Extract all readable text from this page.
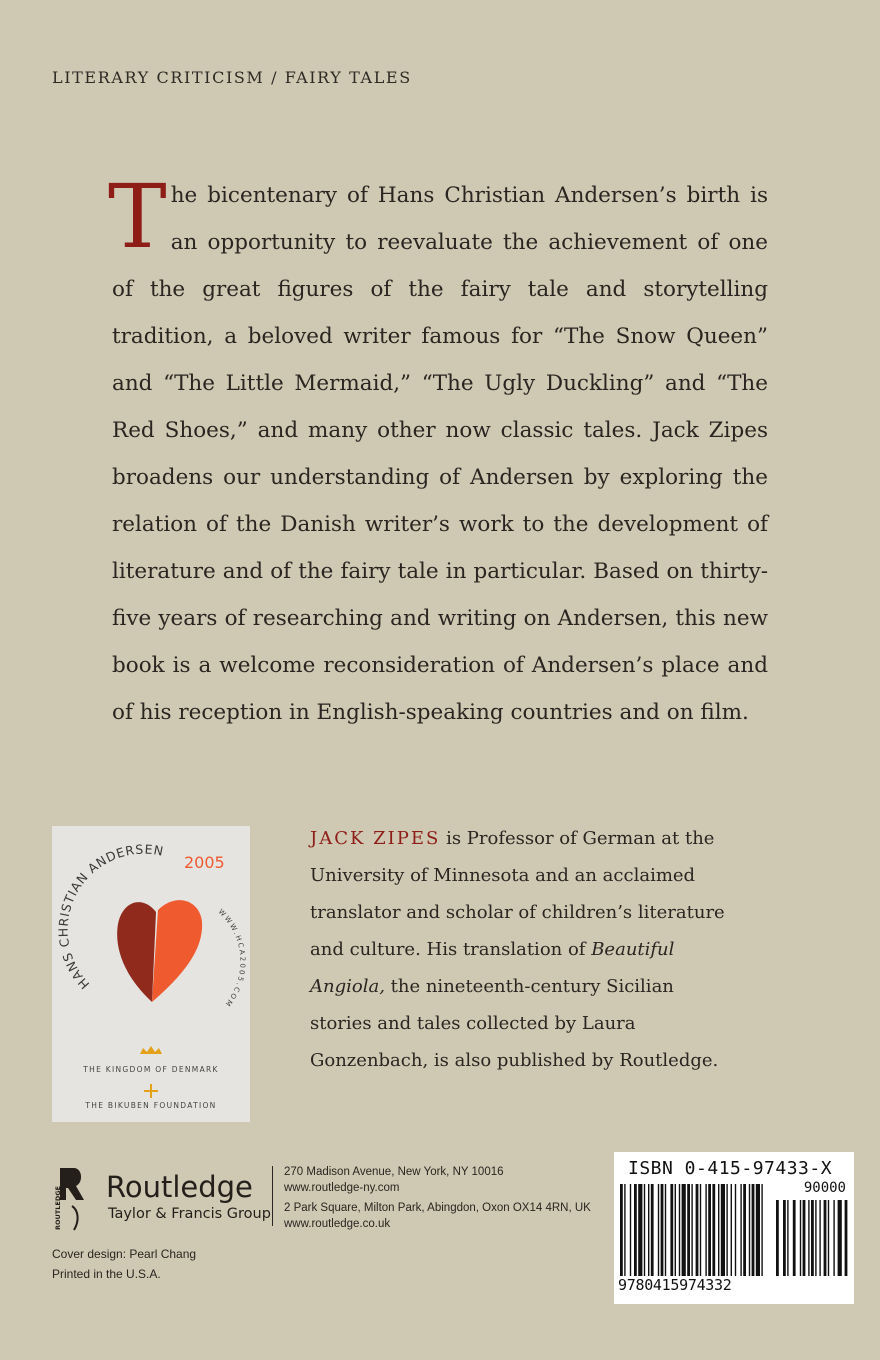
LITERARY CRITICISM / FAIRY TALES
T he bicentenary of Hans Christian Andersen’s birth is an opportunity to reevaluate the achievement of one of the great figures of the fairy tale and storytelling tradition, a beloved writer famous for “The Snow Queen” and “The Little Mermaid,” “The Ugly Duckling” and “The Red Shoes,” and many other now classic tales. Jack Zipes broadens our understanding of Andersen by exploring the relation of the Danish writer’s work to the development of literature and of the fairy tale in particular. Based on thirty-five years of researching and writing on Andersen, this new book is a welcome reconsideration of Andersen’s place and of his reception in English-speaking countries and on film.

HANS CHRISTIAN ANDERSEN
2005
WWW.HCA2005.COM
THE KINGDOM OF DENMARK
THE BIKUBEN FOUNDATION

JACK ZIPES is Professor of German at the University of Minnesota and an acclaimed translator and scholar of children’s literature and culture. His translation of Beautiful Angiola, the nineteenth-century Sicilian stories and tales collected by Laura Gonzenbach, is also published by Routledge.

ROUTLEDGE Routledge
Taylor & Francis Group
270 Madison Avenue, New York, NY 10016
www.routledge-ny.com
2 Park Square, Milton Park, Abingdon, Oxon OX14 4RN, UK
www.routledge.co.uk
Cover design: Pearl Chang
Printed in the U.S.A.
ISBN 0-415-97433-X
90000
9780415974332
